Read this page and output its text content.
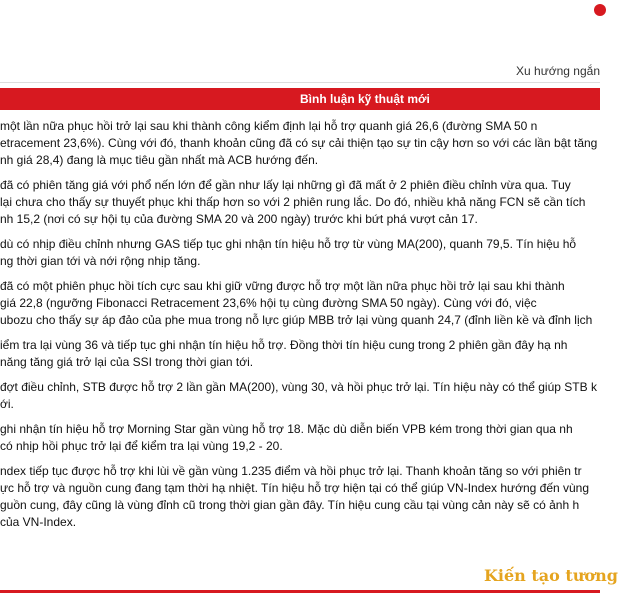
Xu hướng ngắn
Bình luận kỹ thuật mới

một lần nữa phục hồi trở lại sau khi thành công kiểm định lại hỗ trợ quanh giá 26,6 (đường SMA 50 n
etracement 23,6%). Cùng với đó, thanh khoản cũng đã có sự cải thiện tạo sự tin cậy hơn so với các lần bật tăng
nh giá 28,4) đang là mục tiêu gần nhất mà ACB hướng đến.

đã có phiên tăng giá với phổ nến lớn để gần như lấy lại những gì đã mất ở 2 phiên điều chỉnh vừa qua. Tuy
lại chưa cho thấy sự thuyết phục khi thấp hơn so với 2 phiên rung lắc. Do đó, nhiều khả năng FCN sẽ cần tích
nh 15,2 (nơi có sự hội tụ của đường SMA 20 và 200 ngày) trước khi bứt phá vượt cản 17.

dù có nhịp điều chỉnh nhưng GAS tiếp tục ghi nhận tín hiệu hỗ trợ từ vùng MA(200), quanh 79,5. Tín hiệu hỗ
ng thời gian tới và nới rộng nhịp tăng.

đã có một phiên phục hồi tích cực sau khi giữ vững được hỗ trợ một lần nữa phục hồi trở lại sau khi thành
giá 22,8 (ngưỡng Fibonacci Retracement 23,6% hội tụ cùng đường SMA 50 ngày). Cùng với đó, việc
ubozu cho thấy sự áp đảo của phe mua trong nỗ lực giúp MBB trở lại vùng quanh 24,7 (đỉnh liền kề và đỉnh lịch

iểm tra lại vùng 36 và tiếp tục ghi nhận tín hiệu hỗ trợ. Đồng thời tín hiệu cung trong 2 phiên gần đây hạ nh
năng tăng giá trở lại của SSI trong thời gian tới.

đợt điều chỉnh, STB được hỗ trợ 2 lần gần MA(200), vùng 30, và hồi phục trở lại. Tín hiệu này có thể giúp STB k
ới.

ghi nhận tín hiệu hỗ trợ Morning Star gần vùng hỗ trợ 18. Mặc dù diễn biến VPB kém trong thời gian qua nh
có nhịp hồi phục trở lại để kiểm tra lại vùng 19,2 - 20.

ndex tiếp tục được hỗ trợ khi lùi về gần vùng 1.235 điểm và hồi phục trở lại. Thanh khoản tăng so với phiên tr
ực hỗ trợ và nguồn cung đang tạm thời hạ nhiệt. Tín hiệu hỗ trợ hiện tại có thể giúp VN-Index hướng đến vùng
guồn cung, đây cũng là vùng đỉnh cũ trong thời gian gần đây. Tín hiệu cung cầu tại vùng cản này sẽ có ảnh h
của VN-Index.

Kiến tạo tương
